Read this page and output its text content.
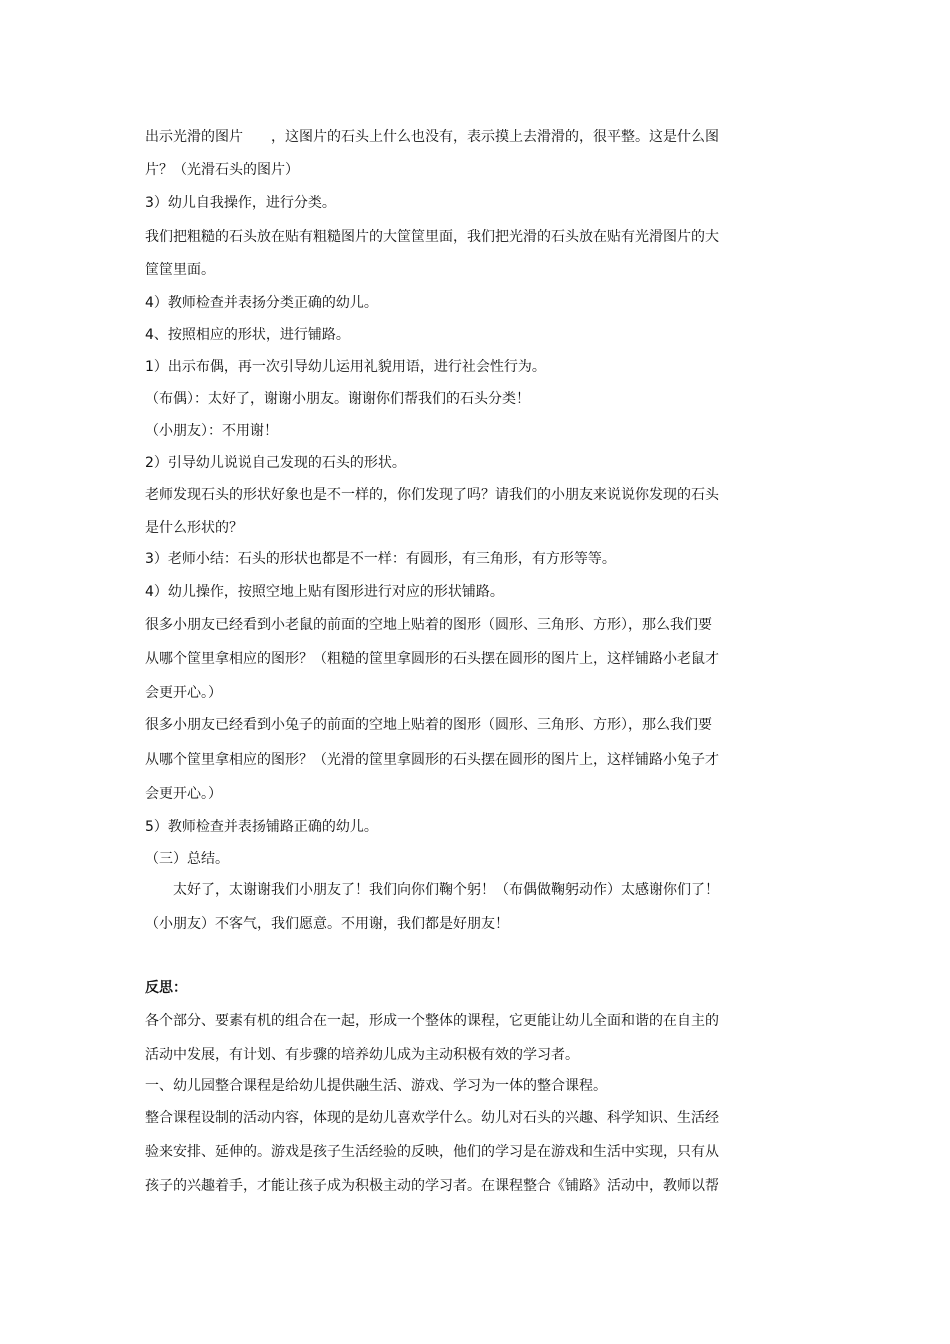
出示光滑的图片　　，这图片的石头上什么也没有，表示摸上去滑滑的，很平整。这是什么图
片？（光滑石头的图片）
3）幼儿自我操作，进行分类。
我们把粗糙的石头放在贴有粗糙图片的大筐筐里面，我们把光滑的石头放在贴有光滑图片的大
筐筐里面。
4）教师检查并表扬分类正确的幼儿。
4、按照相应的形状，进行铺路。
1）出示布偶，再一次引导幼儿运用礼貌用语，进行社会性行为。
（布偶）：太好了，谢谢小朋友。谢谢你们帮我们的石头分类！
（小朋友）：不用谢！
2）引导幼儿说说自己发现的石头的形状。
老师发现石头的形状好象也是不一样的，你们发现了吗？请我们的小朋友来说说你发现的石头
是什么形状的？
3）老师小结：石头的形状也都是不一样：有圆形，有三角形，有方形等等。
4）幼儿操作，按照空地上贴有图形进行对应的形状铺路。
很多小朋友已经看到小老鼠的前面的空地上贴着的图形（圆形、三角形、方形），那么我们要
从哪个筐里拿相应的图形？（粗糙的筐里拿圆形的石头摆在圆形的图片上，这样铺路小老鼠才
会更开心。）
很多小朋友已经看到小兔子的前面的空地上贴着的图形（圆形、三角形、方形），那么我们要
从哪个筐里拿相应的图形？（光滑的筐里拿圆形的石头摆在圆形的图片上，这样铺路小兔子才
会更开心。）
5）教师检查并表扬铺路正确的幼儿。
（三）总结。
　　太好了，太谢谢我们小朋友了！我们向你们鞠个躬！（布偶做鞠躬动作）太感谢你们了！
（小朋友）不客气，我们愿意。不用谢，我们都是好朋友！
反思：
各个部分、要素有机的组合在一起，形成一个整体的课程，它更能让幼儿全面和谐的在自主的
活动中发展，有计划、有步骤的培养幼儿成为主动积极有效的学习者。
一、幼儿园整合课程是给幼儿提供融生活、游戏、学习为一体的整合课程。
整合课程设制的活动内容，体现的是幼儿喜欢学什么。幼儿对石头的兴趣、科学知识、生活经
验来安排、延伸的。游戏是孩子生活经验的反映，他们的学习是在游戏和生活中实现，只有从
孩子的兴趣着手，才能让孩子成为积极主动的学习者。在课程整合《铺路》活动中，教师以帮
